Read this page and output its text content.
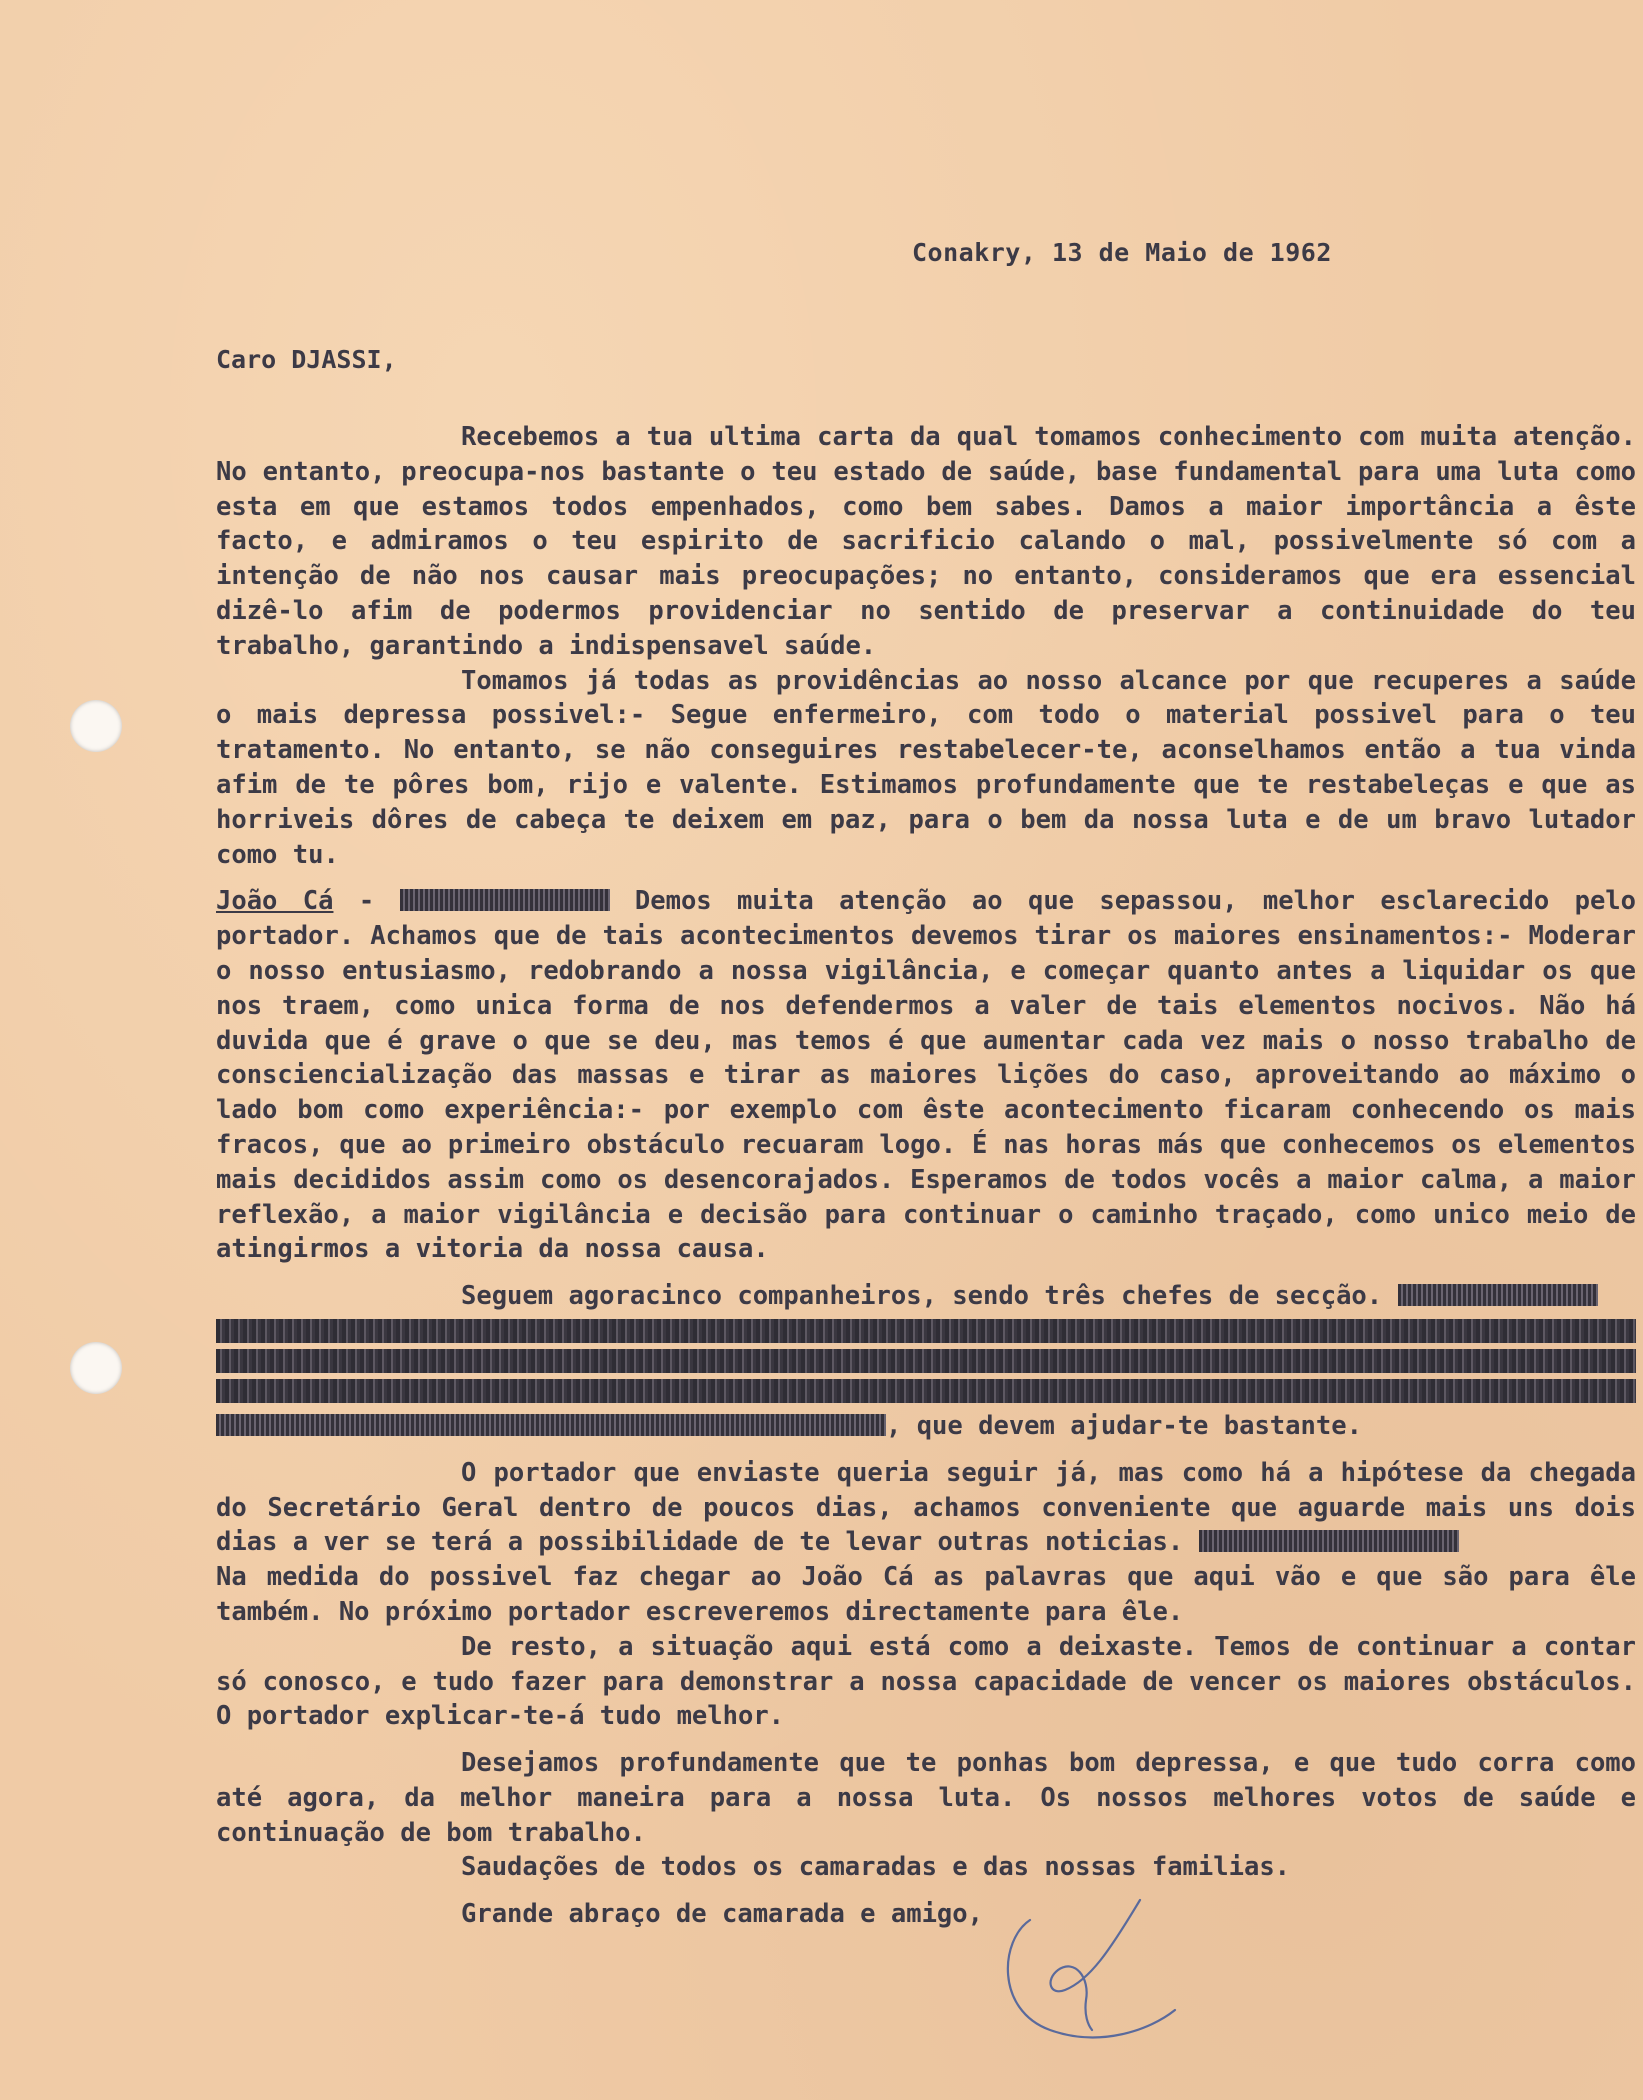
Conakry, 13 de Maio de 1962
Caro DJASSI,

Recebemos a tua ultima carta da qual tomamos conhecimento com muita atenção. No entanto, preocupa-nos bastante o teu estado de saúde, base fundamental para uma luta como esta em que estamos todos empenhados, como bem sabes. Damos a maior importância a êste facto, e admiramos o teu espirito de sacrificio calando o mal, possivelmente só com a intenção de não nos causar mais preocupações; no entanto, consideramos que era essencial dizê-lo afim de podermos providenciar no sentido de preservar a continuidade do teu trabalho, garantindo a indispensavel saúde.

Tomamos já todas as providências ao nosso alcance por que recuperes a saúde o mais depressa possivel:- Segue enfermeiro, com todo o material possivel para o teu tratamento. No entanto, se não conseguires restabelecer-te, aconselhamos então a tua vinda afim de te pôres bom, rijo e valente. Estimamos profundamente que te restabeleças e que as horriveis dôres de cabeça te deixem em paz, para o bem da nossa luta e de um bravo lutador como tu.

João Cá -	Demos muita atenção ao que sepassou, melhor esclarecido pelo portador. Achamos que de tais acontecimentos devemos tirar os maiores ensinamentos:- Moderar o nosso entusiasmo, redobrando a nossa vigilância, e começar quanto antes a liquidar os que nos traem, como unica forma de nos defendermos a valer de tais elementos nocivos. Não há duvida que é grave o que se deu, mas temos é que aumentar cada vez mais o nosso trabalho de consciencialização das massas e tirar as maiores lições do caso, aproveitando ao máximo o lado bom como experiência:- por exemplo com êste acontecimento ficaram conhecendo os mais fracos, que ao primeiro obstáculo recuaram logo. É nas horas más que conhecemos os elementos mais decididos assim como os desencorajados. Esperamos de todos vocês a maior calma, a maior reflexão, a maior vigilância e decisão para continuar o caminho traçado, como unico meio de atingirmos a vitoria da nossa causa.

Seguem agoracinco companheiros, sendo três chefes de secção.

, que devem ajudar-te bastante.

O portador que enviaste queria seguir já, mas como há a hipótese da chegada do Secretário Geral dentro de poucos dias, achamos conveniente que aguarde mais uns dois dias a ver se terá a possibilidade de te levar outras noticias.

Na medida do possivel faz chegar ao João Cá as palavras que aqui vão e que são para êle também. No próximo portador escreveremos directamente para êle.

De resto, a situação aqui está como a deixaste. Temos de continuar a contar só conosco, e tudo fazer para demonstrar a nossa capacidade de vencer os maiores obstáculos. O portador explicar-te-á tudo melhor.

Desejamos profundamente que te ponhas bom depressa, e que tudo corra como até agora, da melhor maneira para a nossa luta. Os nossos melhores votos de saúde e continuação de bom trabalho.

Saudações de todos os camaradas e das nossas familias.

Grande abraço de camarada e amigo,
